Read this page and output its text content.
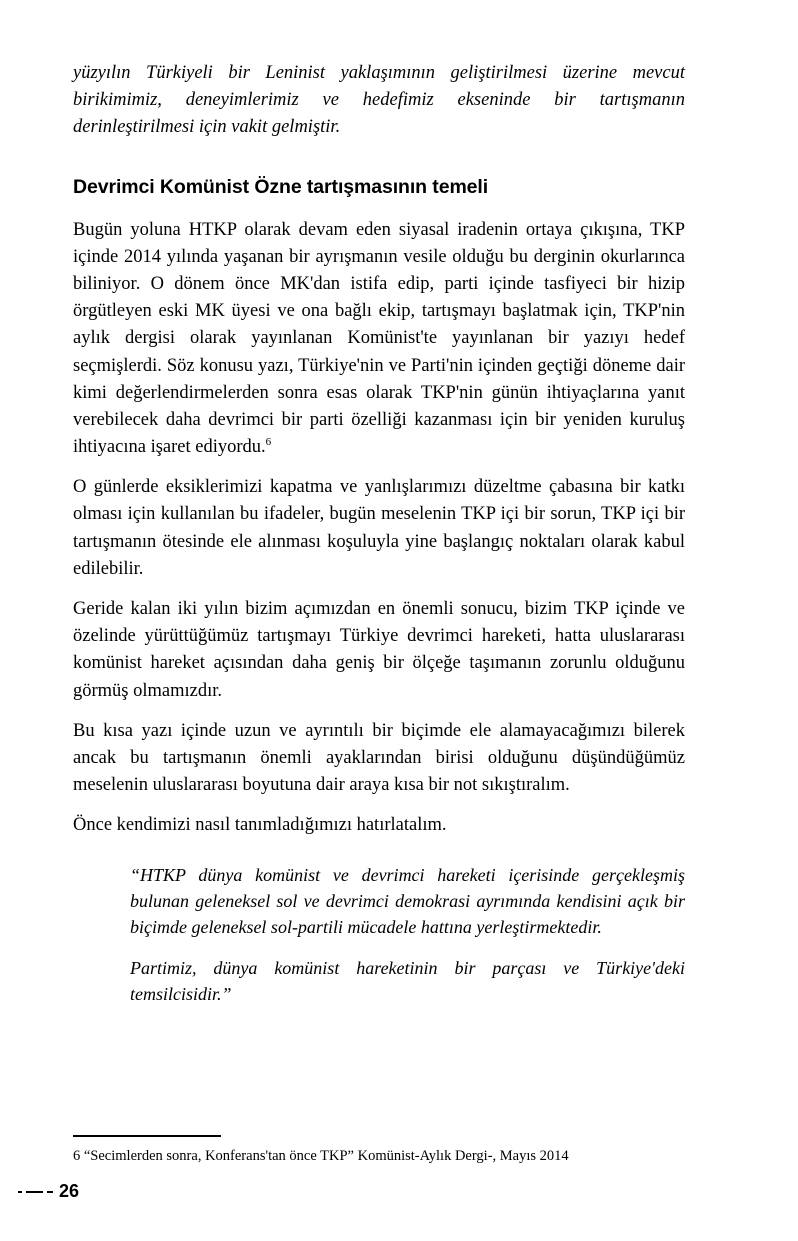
yüzyılın Türkiyeli bir Leninist yaklaşımının geliştirilmesi üzerine mevcut birikimimiz, deneyimlerimiz ve hedefimiz ekseninde bir tartışmanın derinleştirilmesi için vakit gelmiştir.

Devrimci Komünist Özne tartışmasının temeli

Bugün yoluna HTKP olarak devam eden siyasal iradenin ortaya çıkışına, TKP içinde 2014 yılında yaşanan bir ayrışmanın vesile olduğu bu derginin okurlarınca biliniyor. O dönem önce MK'dan istifa edip, parti içinde tasfiyeci bir hizip örgütleyen eski MK üyesi ve ona bağlı ekip, tartışmayı başlatmak için, TKP'nin aylık dergisi olarak yayınlanan Komünist'te yayınlanan bir yazıyı hedef seçmişlerdi. Söz konusu yazı, Türkiye'nin ve Parti'nin içinden geçtiği döneme dair kimi değerlendirmelerden sonra esas olarak TKP'nin günün ihtiyaçlarına yanıt verebilecek daha devrimci bir parti özelliği kazanması için bir yeniden kuruluş ihtiyacına işaret ediyordu.$^6$

O günlerde eksiklerimizi kapatma ve yanlışlarımızı düzeltme çabasına bir katkı olması için kullanılan bu ifadeler, bugün meselenin TKP içi bir sorun, TKP içi bir tartışmanın ötesinde ele alınması koşuluyla yine başlangıç noktaları olarak kabul edilebilir.

Geride kalan iki yılın bizim açımızdan en önemli sonucu, bizim TKP içinde ve özelinde yürüttüğümüz tartışmayı Türkiye devrimci hareketi, hatta uluslararası komünist hareket açısından daha geniş bir ölçeğe taşımanın zorunlu olduğunu görmüş olmamızdır.

Bu kısa yazı içinde uzun ve ayrıntılı bir biçimde ele alamayacağımızı bilerek ancak bu tartışmanın önemli ayaklarından birisi olduğunu düşündüğümüz meselenin uluslararası boyutuna dair araya kısa bir not sıkıştıralım.

Önce kendimizi nasıl tanımladığımızı hatırlatalım.

“HTKP dünya komünist ve devrimci hareketi içerisinde gerçekleşmiş bulunan geleneksel sol ve devrimci demokrasi ayrımında kendisini açık bir biçimde geleneksel sol-partili mücadele hattına yerleştirmektedir.

Partimiz, dünya komünist hareketinin bir parçası ve Türkiye'deki temsilcisidir.”

6 “Secimlerden sonra, Konferans'tan önce TKP” Komünist-Aylık Dergi-, Mayıs 2014

26
